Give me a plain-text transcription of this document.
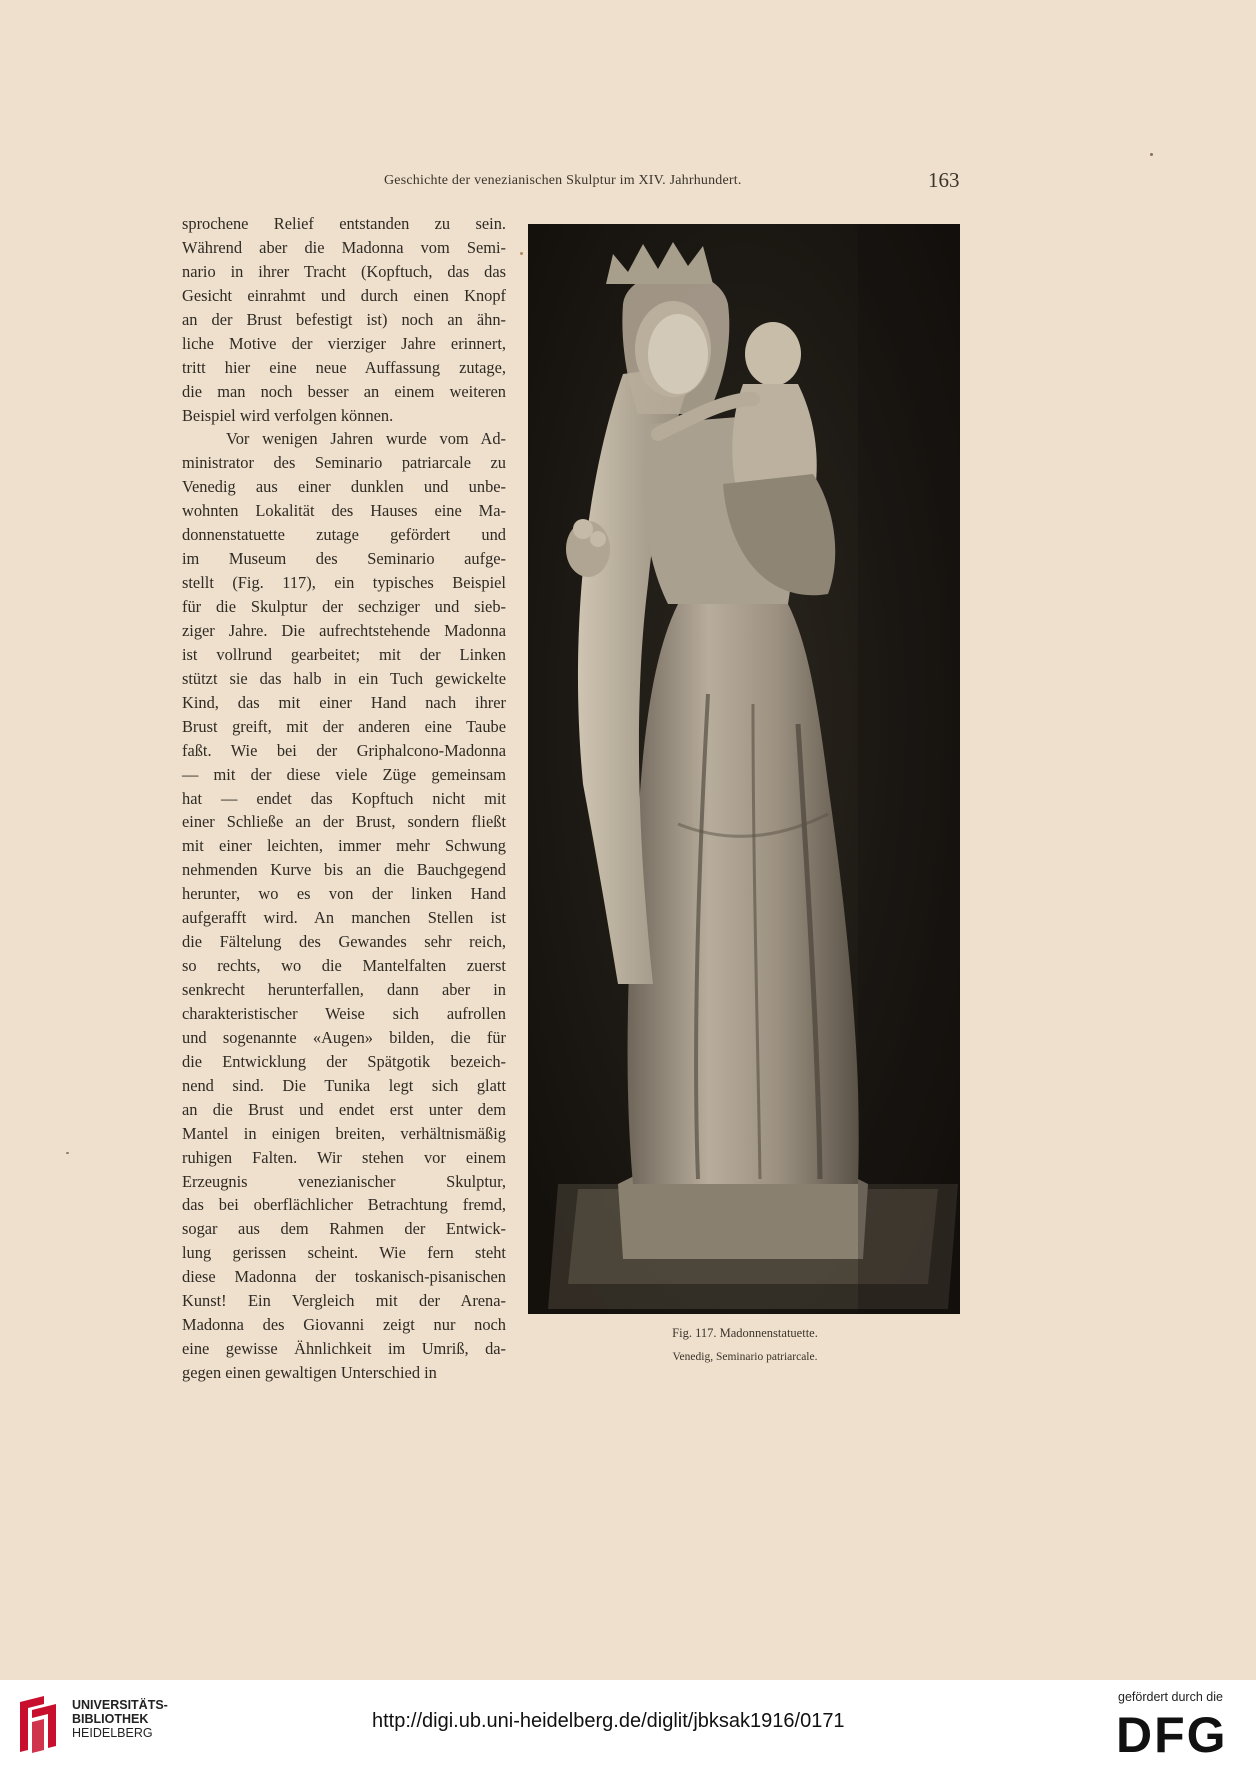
Geschichte der venezianischen Skulptur im XIV. Jahrhundert.	163
sprochene Relief entstanden zu sein.
Während aber die Madonna vom Semi-
nario in ihrer Tracht (Kopftuch, das das
Gesicht einrahmt und durch einen Knopf
an der Brust befestigt ist) noch an ähn-
liche Motive der vierziger Jahre erinnert,
tritt hier eine neue Auffassung zutage,
die man noch besser an einem weiteren
Beispiel wird verfolgen können.
Vor wenigen Jahren wurde vom Ad-
ministrator des Seminario patriarcale zu
Venedig aus einer dunklen und unbe-
wohnten Lokalität des Hauses eine Ma-
donnenstatuette zutage gefördert und
im Museum des Seminario aufge-
stellt (Fig. 117), ein typisches Beispiel
für die Skulptur der sechziger und sieb-
ziger Jahre. Die aufrechtstehende Madonna
ist vollrund gearbeitet; mit der Linken
stützt sie das halb in ein Tuch gewickelte
Kind, das mit einer Hand nach ihrer
Brust greift, mit der anderen eine Taube
faßt. Wie bei der Griphalcono-Madonna
— mit der diese viele Züge gemeinsam
hat — endet das Kopftuch nicht mit
einer Schließe an der Brust, sondern fließt
mit einer leichten, immer mehr Schwung
nehmenden Kurve bis an die Bauchgegend
herunter, wo es von der linken Hand
aufgerafft wird. An manchen Stellen ist
die Fältelung des Gewandes sehr reich,
so rechts, wo die Mantelfalten zuerst
senkrecht herunterfallen, dann aber in
charakteristischer Weise sich aufrollen
und sogenannte «Augen» bilden, die für
die Entwicklung der Spätgotik bezeich-
nend sind. Die Tunika legt sich glatt
an die Brust und endet erst unter dem
Mantel in einigen breiten, verhältnismäßig
ruhigen Falten. Wir stehen vor einem
Erzeugnis venezianischer Skulptur,
das bei oberflächlicher Betrachtung fremd,
sogar aus dem Rahmen der Entwick-
lung gerissen scheint. Wie fern steht
diese Madonna der toskanisch-pisanischen
Kunst! Ein Vergleich mit der Arena-
Madonna des Giovanni zeigt nur noch
eine gewisse Ähnlichkeit im Umriß, da-
gegen einen gewaltigen Unterschied in
Fig. 117. Madonnenstatuette.
Venedig, Seminario patriarcale.
UNIVERSITÄTS-
BIBLIOTHEK
HEIDELBERG
http://digi.ub.uni-heidelberg.de/diglit/jbksak1916/0171
gefördert durch die
DFG
